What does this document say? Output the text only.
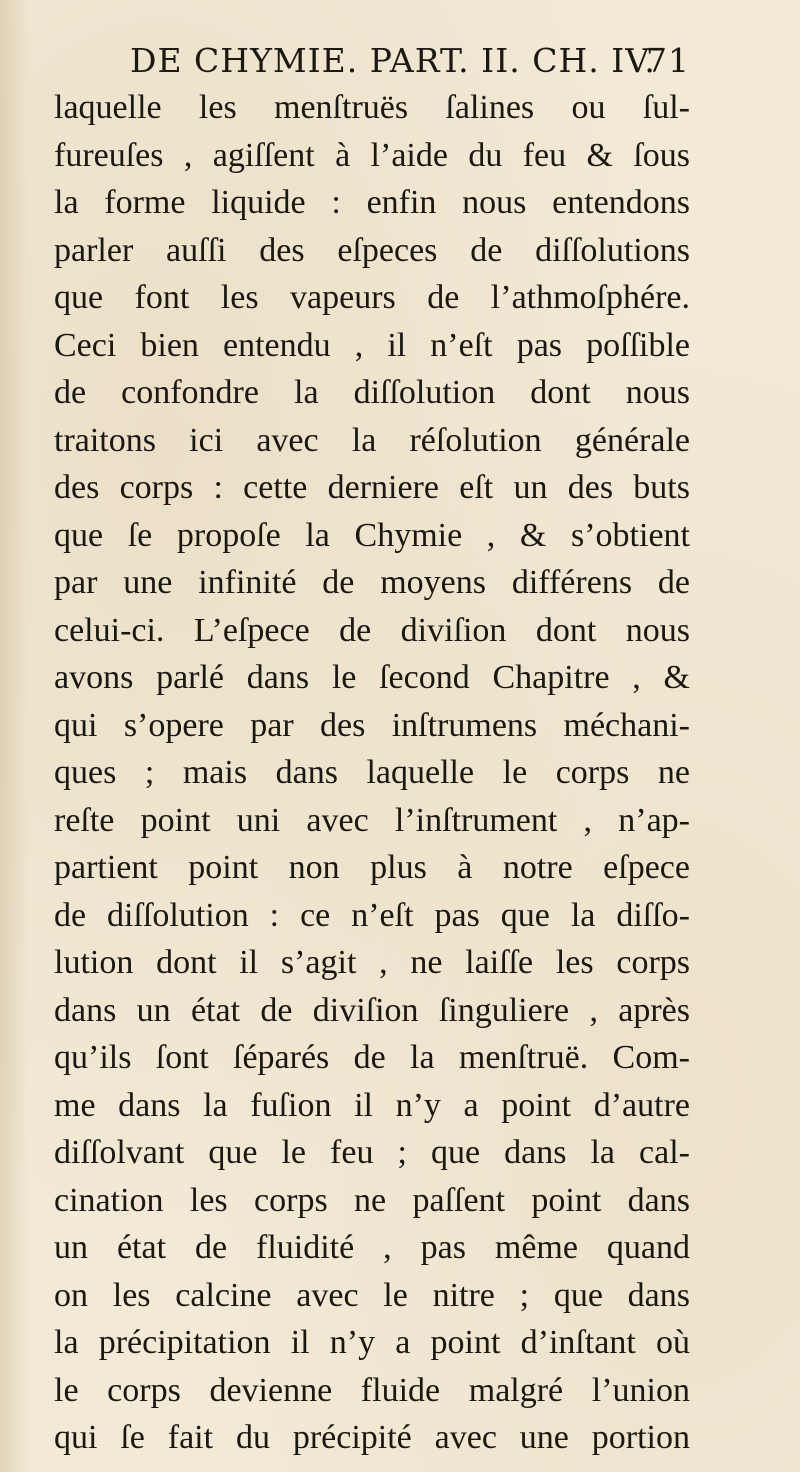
DE CHYMIE. PART. II. CH. IV.
71
laquelle les menſtruës ſalines ou ſul-
fureuſes , agiſſent à l’aide du feu & ſous
la forme liquide : enfin nous entendons
parler auſſi des eſpeces de diſſolutions
que font les vapeurs de l’athmoſphére.
Ceci bien entendu , il n’eſt pas poſſible
de confondre la diſſolution dont nous
traitons ici avec la réſolution générale
des corps : cette derniere eſt un des buts
que ſe propoſe la Chymie , & s’obtient
par une infinité de moyens différens de
celui-ci. L’eſpece de diviſion dont nous
avons parlé dans le ſecond Chapitre , &
qui s’opere par des inſtrumens méchani-
ques ; mais dans laquelle le corps ne
reſte point uni avec l’inſtrument , n’ap-
partient point non plus à notre eſpece
de diſſolution : ce n’eſt pas que la diſſo-
lution dont il s’agit , ne laiſſe les corps
dans un état de diviſion ſinguliere , après
qu’ils ſont ſéparés de la menſtruë. Com-
me dans la fuſion il n’y a point d’autre
diſſolvant que le feu ; que dans la cal-
cination les corps ne paſſent point dans
un état de fluidité , pas même quand
on les calcine avec le nitre ; que dans
la précipitation il n’y a point d’inſtant où
le corps devienne fluide malgré l’union
qui ſe fait du précipité avec une portion
